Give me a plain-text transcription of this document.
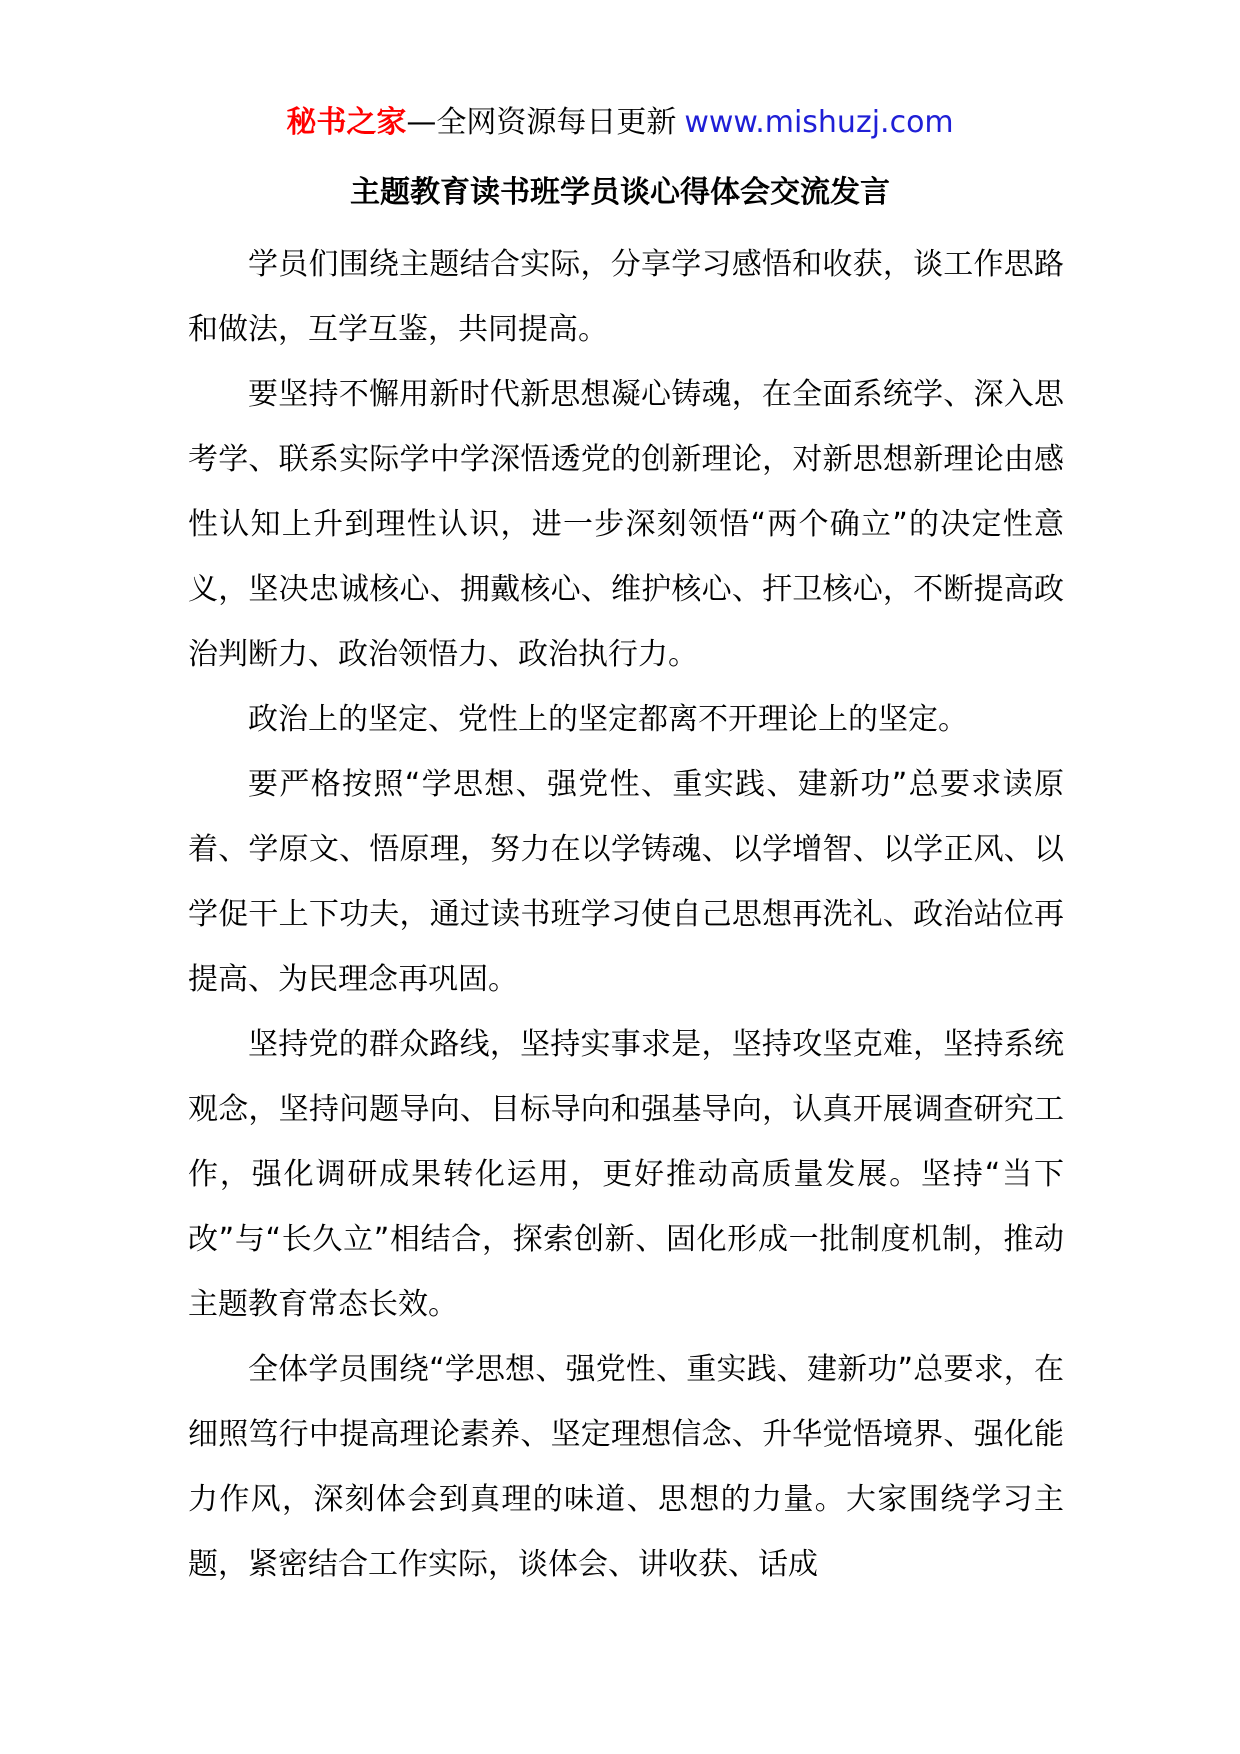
秘书之家—全网资源每日更新 www.mishuzj.com
主题教育读书班学员谈心得体会交流发言

学员们围绕主题结合实际，分享学习感悟和收获，谈工作思路和做法，互学互鉴，共同提高。

要坚持不懈用新时代新思想凝心铸魂，在全面系统学、深入思考学、联系实际学中学深悟透党的创新理论，对新思想新理论由感性认知上升到理性认识，进一步深刻领悟“两个确立”的决定性意义，坚决忠诚核心、拥戴核心、维护核心、扞卫核心，不断提高政治判断力、政治领悟力、政治执行力。

政治上的坚定、党性上的坚定都离不开理论上的坚定。

要严格按照“学思想、强党性、重实践、建新功”总要求读原着、学原文、悟原理，努力在以学铸魂、以学增智、以学正风、以学促干上下功夫，通过读书班学习使自己思想再洗礼、政治站位再提高、为民理念再巩固。

坚持党的群众路线，坚持实事求是，坚持攻坚克难，坚持系统观念，坚持问题导向、目标导向和强基导向，认真开展调查研究工作，强化调研成果转化运用，更好推动高质量发展。坚持“当下改”与“长久立”相结合，探索创新、固化形成一批制度机制，推动主题教育常态长效。

全体学员围绕“学思想、强党性、重实践、建新功”总要求，在细照笃行中提高理论素养、坚定理想信念、升华觉悟境界、强化能力作风，深刻体会到真理的味道、思想的力量。大家围绕学习主题，紧密结合工作实际，谈体会、讲收获、话成
